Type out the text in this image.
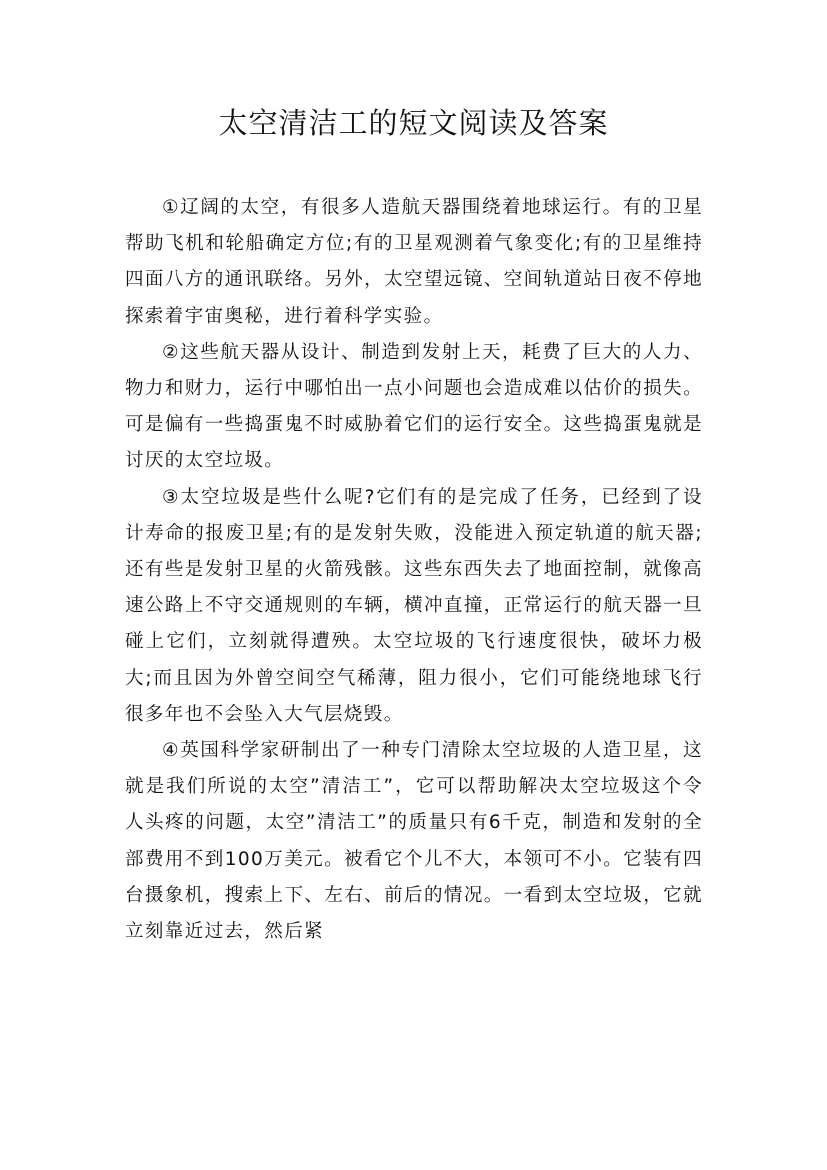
太空清洁工的短文阅读及答案

①辽阔的太空，有很多人造航天器围绕着地球运行。有的卫星帮助飞机和轮船确定方位;有的卫星观测着气象变化;有的卫星维持四面八方的通讯联络。另外，太空望远镜、空间轨道站日夜不停地探索着宇宙奥秘，进行着科学实验。

②这些航天器从设计、制造到发射上天，耗费了巨大的人力、物力和财力，运行中哪怕出一点小问题也会造成难以估价的损失。可是偏有一些捣蛋鬼不时威胁着它们的运行安全。这些捣蛋鬼就是讨厌的太空垃圾。

③太空垃圾是些什么呢?它们有的是完成了任务，已经到了设计寿命的报废卫星;有的是发射失败，没能进入预定轨道的航天器;还有些是发射卫星的火箭残骸。这些东西失去了地面控制，就像高速公路上不守交通规则的车辆，横冲直撞，正常运行的航天器一旦碰上它们，立刻就得遭殃。太空垃圾的飞行速度很快，破坏力极大;而且因为外曾空间空气稀薄，阻力很小，它们可能绕地球飞行很多年也不会坠入大气层烧毁。

④英国科学家研制出了一种专门清除太空垃圾的人造卫星，这就是我们所说的太空”清洁工”，它可以帮助解决太空垃圾这个令人头疼的问题，太空”清洁工”的质量只有6千克，制造和发射的全部费用不到100万美元。被看它个儿不大，本领可不小。它装有四台摄象机，搜索上下、左右、前后的情况。一看到太空垃圾，它就立刻靠近过去，然后紧
